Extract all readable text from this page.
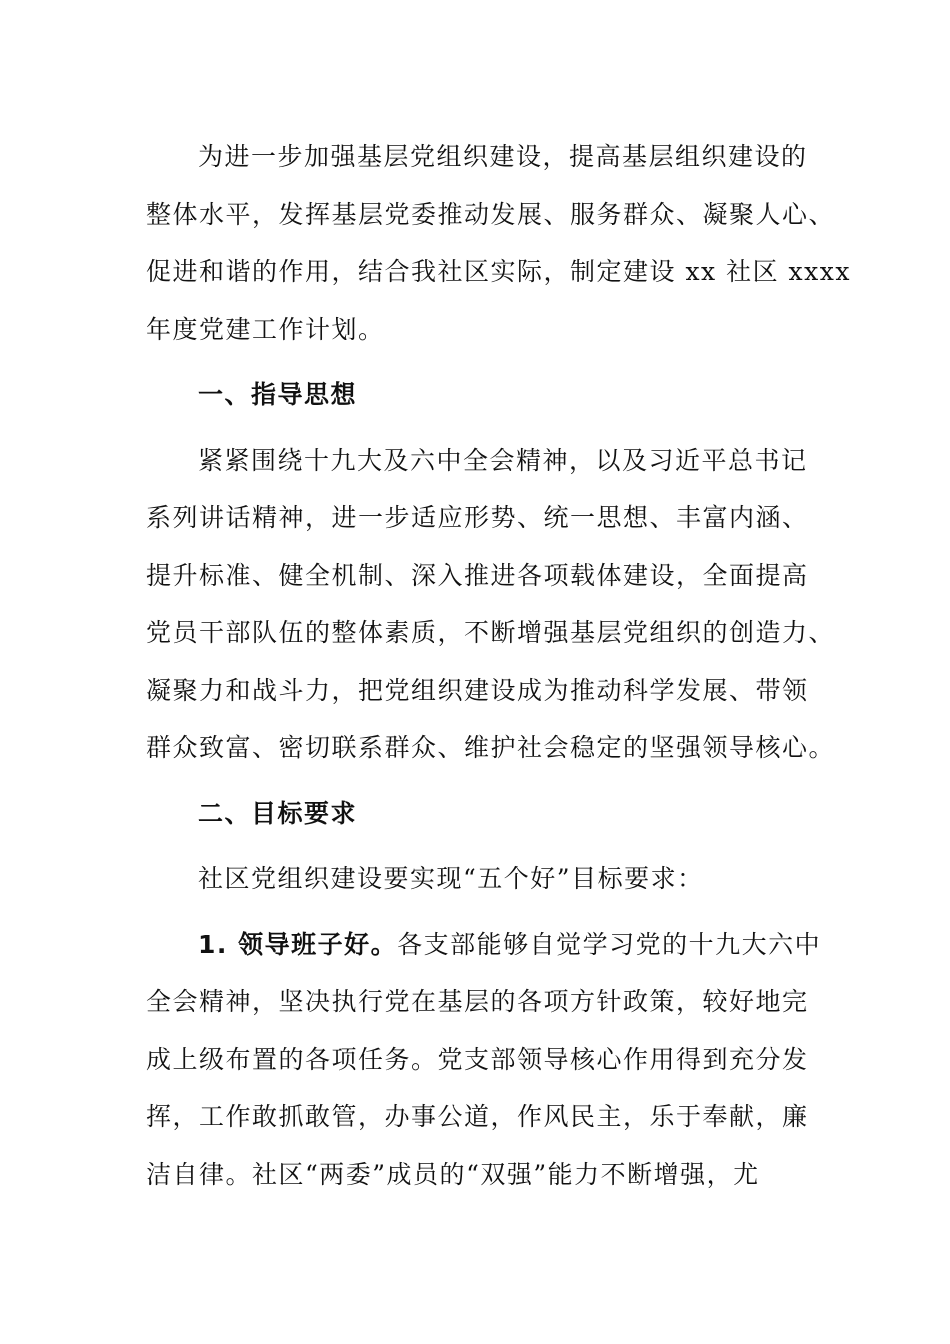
为进一步加强基层党组织建设，提高基层组织建设的
整体水平，发挥基层党委推动发展、服务群众、凝聚人心、
促进和谐的作用，结合我社区实际，制定建设 xx 社区 xxxx
年度党建工作计划。
一、指导思想
紧紧围绕十九大及六中全会精神，以及习近平总书记
系列讲话精神，进一步适应形势、统一思想、丰富内涵、
提升标准、健全机制、深入推进各项载体建设，全面提高
党员干部队伍的整体素质，不断增强基层党组织的创造力、
凝聚力和战斗力，把党组织建设成为推动科学发展、带领
群众致富、密切联系群众、维护社会稳定的坚强领导核心。
二、目标要求
社区党组织建设要实现“五个好”目标要求：
1. 领导班子好。各支部能够自觉学习党的十九大六中
全会精神，坚决执行党在基层的各项方针政策，较好地完
成上级布置的各项任务。党支部领导核心作用得到充分发
挥，工作敢抓敢管，办事公道，作风民主，乐于奉献，廉
洁自律。社区“两委”成员的“双强”能力不断增强，尤
